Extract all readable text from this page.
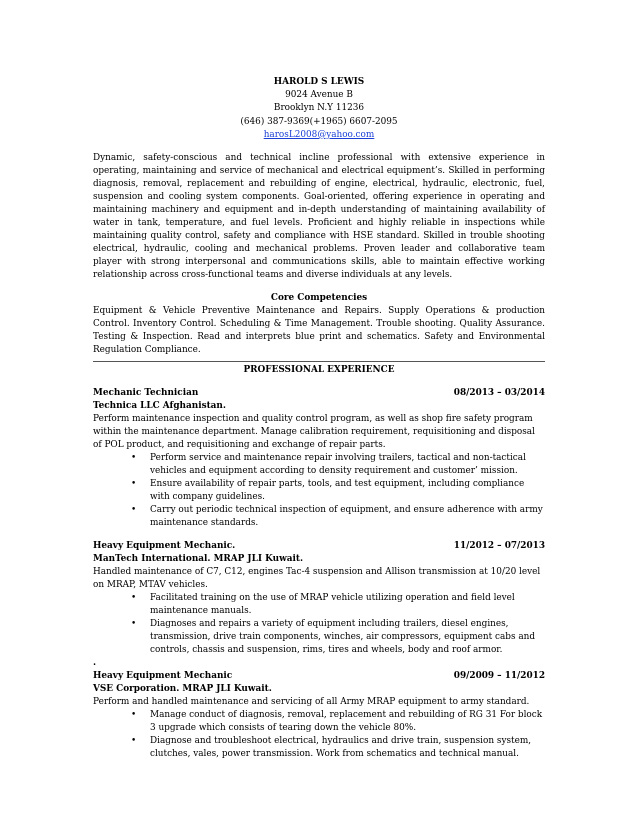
HAROLD S LEWIS
9024 Avenue B
Brooklyn N.Y 11236
(646) 387-9369(+1965) 6607-2095
harosL2008@yahoo.com

Dynamic, safety-conscious and technical incline professional with extensive experience in operating, maintaining and service of mechanical and electrical equipment’s. Skilled in performing diagnosis, removal, replacement and rebuilding of engine, electrical, hydraulic, electronic, fuel, suspension and cooling system components. Goal-oriented, offering experience in operating and maintaining machinery and equipment and in-depth understanding of maintaining availability of water in tank, temperature, and fuel levels. Proficient and highly reliable in inspections while maintaining quality control, safety and compliance with HSE standard. Skilled in trouble shooting electrical, hydraulic, cooling and mechanical problems. Proven leader and collaborative team player with strong interpersonal and communications skills, able to maintain effective working relationship across cross-functional teams and diverse individuals at any levels.

Core Competencies

Equipment & Vehicle Preventive Maintenance and Repairs. Supply Operations & production Control. Inventory Control. Scheduling & Time Management. Trouble shooting. Quality Assurance. Testing & Inspection. Read and interprets blue print and schematics. Safety and Environmental Regulation Compliance.

PROFESSIONAL EXPERIENCE
Mechanic Technician	08/2013 – 03/2014
Technica LLC Afghanistan.

Perform maintenance inspection and quality control program, as well as shop fire safety program within the maintenance department. Manage calibration requirement, requisitioning and disposal of POL product, and requisitioning and exchange of repair parts.

• Perform service and maintenance repair involving trailers, tactical and non-tactical vehicles and equipment according to density requirement and customer’ mission.
• Ensure availability of repair parts, tools, and test equipment, including compliance with company guidelines.
• Carry out periodic technical inspection of equipment, and ensure adherence with army maintenance standards.
Heavy Equipment Mechanic.	11/2012 – 07/2013
ManTech International. MRAP JLI Kuwait.

Handled maintenance of C7, C12, engines Tac-4 suspension and Allison transmission at 10/20 level on MRAP, MTAV vehicles.

• Facilitated training on the use of MRAP vehicle utilizing operation and field level maintenance manuals.
• Diagnoses and repairs a variety of equipment including trailers, diesel engines, transmission, drive train components, winches, air compressors, equipment cabs and controls, chassis and suspension, rims, tires and wheels, body and roof armor.
.
Heavy Equipment Mechanic	09/2009 – 11/2012
VSE Corporation. MRAP JLI Kuwait.

Perform and handled maintenance and servicing of all Army MRAP equipment to army standard.

• Manage conduct of diagnosis, removal, replacement and rebuilding of RG 31 For block 3 upgrade which consists of tearing down the vehicle 80%.
• Diagnose and troubleshoot electrical, hydraulics and drive train, suspension system, clutches, vales, power transmission. Work from schematics and technical manual.
